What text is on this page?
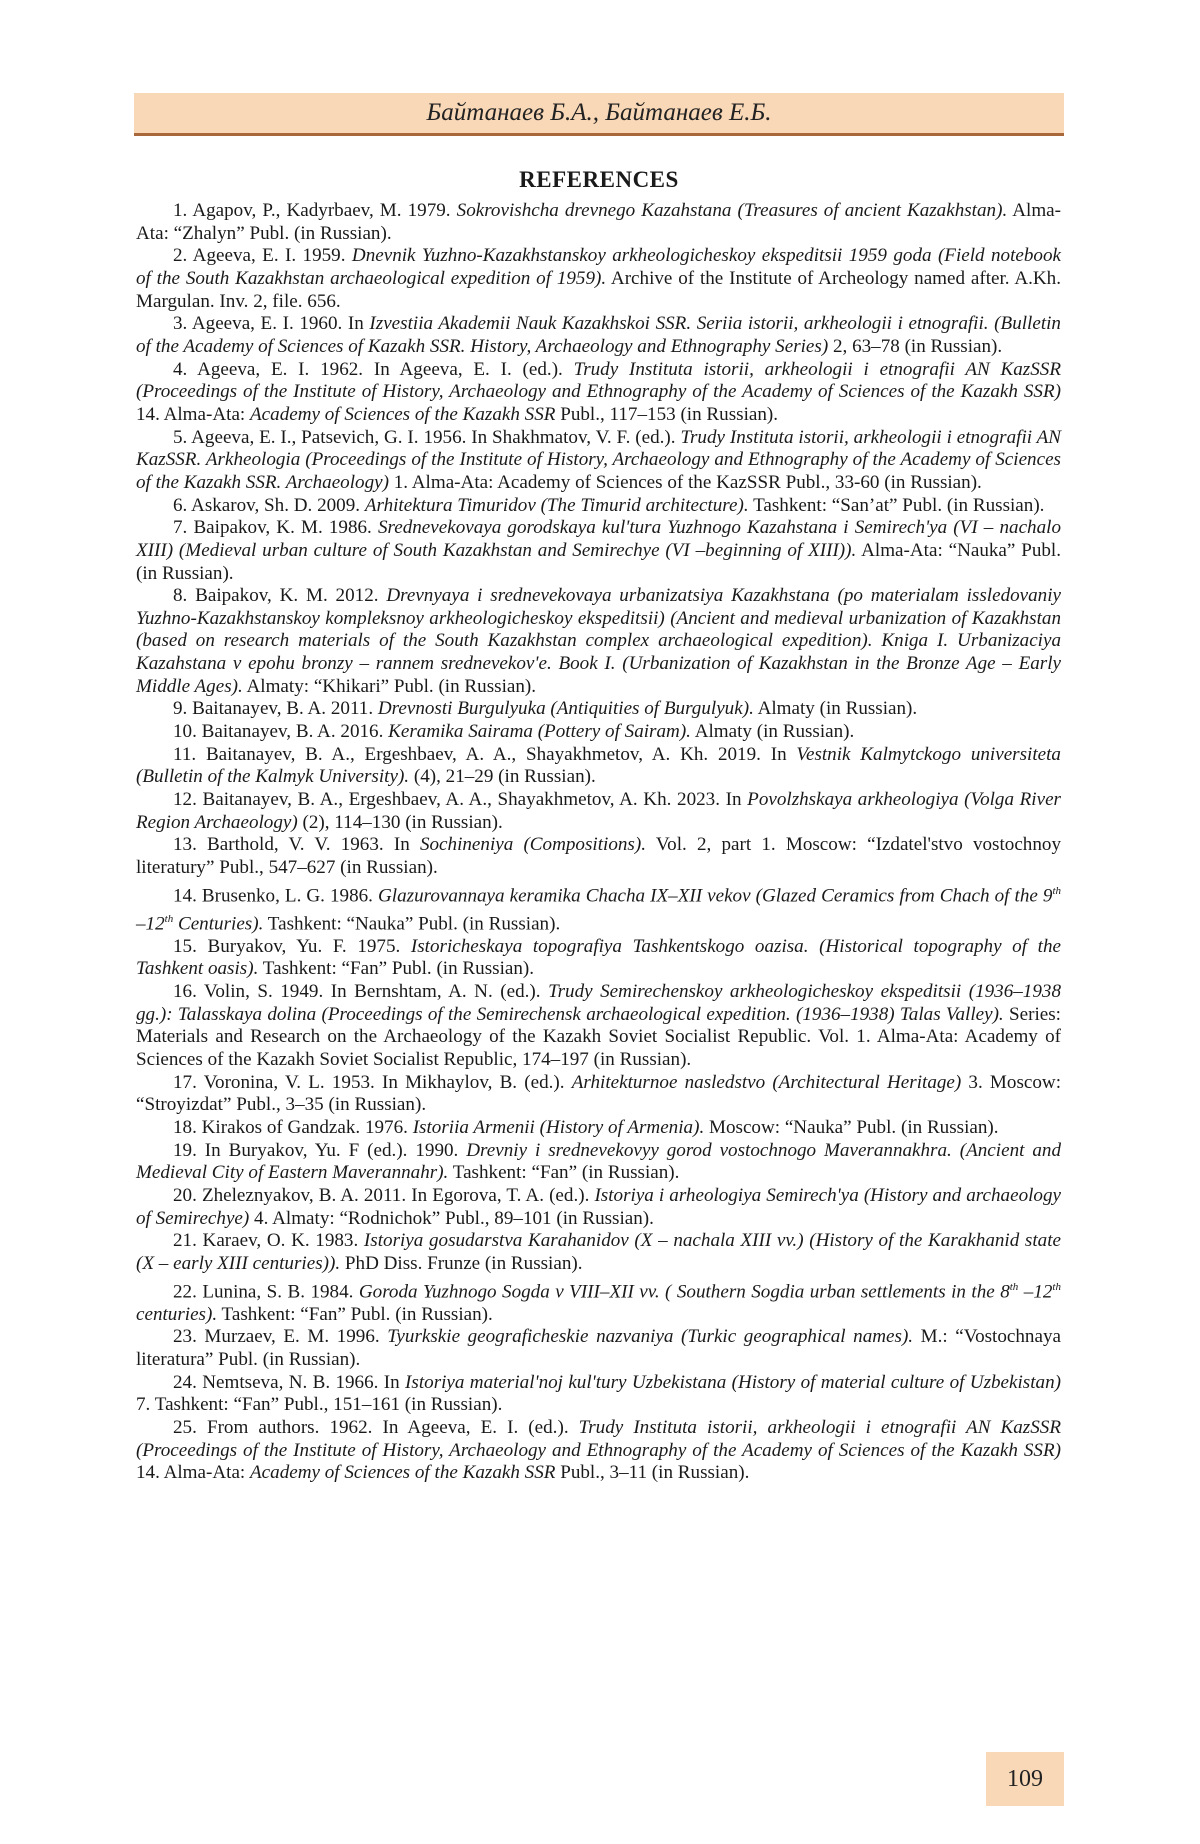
Байтанаев Б.А., Байтанаев Е.Б.
REFERENCES

1. Agapov, P., Kadyrbaev, M. 1979. Sokrovishcha drevnego Kazahstana (Treasures of ancient Kazakhstan). Alma-Ata: “Zhalyn” Publ. (in Russian).

2. Ageeva, E. I. 1959. Dnevnik Yuzhno-Kazakhstanskoy arkheologicheskoy ekspeditsii 1959 goda (Field notebook of the South Kazakhstan archaeological expedition of 1959). Archive of the Institute of Archeology named after. A.Kh. Margulan. Inv. 2, file. 656.

3. Ageeva, E. I. 1960. In Izvestiia Akademii Nauk Kazakhskoi SSR. Seriia istorii, arkheologii i etnografii. (Bulletin of the Academy of Sciences of Kazakh SSR. History, Archaeology and Ethnography Series) 2, 63–78 (in Russian).

4. Ageeva, E. I. 1962. In Ageeva, E. I. (ed.). Trudy Instituta istorii, arkheologii i etnografii AN KazSSR (Proceedings of the Institute of History, Archaeology and Ethnography of the Academy of Sciences of the Kazakh SSR) 14. Alma-Ata: Academy of Sciences of the Kazakh SSR Publ., 117–153 (in Russian).

5. Ageeva, E. I., Patsevich, G. I. 1956. In Shakhmatov, V. F. (ed.). Trudy Instituta istorii, arkheologii i etnografii AN KazSSR. Arkheologia (Proceedings of the Institute of History, Archaeology and Ethnography of the Academy of Sciences of the Kazakh SSR. Archaeology) 1. Alma-Ata: Academy of Sciences of the KazSSR Publ., 33-60 (in Russian).

6. Askarov, Sh. D. 2009. Arhitektura Timuridov (The Timurid architecture). Tashkent: “San’at” Publ. (in Russian).

7. Baipakov, K. M. 1986. Srednevekovaya gorodskaya kul'tura Yuzhnogo Kazahstana i Semirech'ya (VI – nachalo XIII) (Medieval urban culture of South Kazakhstan and Semirechye (VI –beginning of XIII)). Alma-Ata: “Nauka” Publ. (in Russian).

8. Baipakov, K. M. 2012. Drevnyaya i srednevekovaya urbanizatsiya Kazakhstana (po materialam issledovaniy Yuzhno-Kazakhstanskoy kompleksnoy arkheologicheskoy ekspeditsii) (Ancient and medieval urbanization of Kazakhstan (based on research materials of the South Kazakhstan complex archaeological expedition). Kniga I. Urbanizaciya Kazahstana v epohu bronzy – rannem srednevekov'e. Book I. (Urbanization of Kazakhstan in the Bronze Age – Early Middle Ages). Almaty: “Khikari” Publ. (in Russian).

9. Baitanayev, B. A. 2011. Drevnosti Burgulyuka (Antiquities of Burgulyuk). Almaty (in Russian).

10. Baitanayev, B. A. 2016. Keramika Sairama (Pottery of Sairam). Almaty (in Russian).

11. Baitanayev, B. A., Ergeshbaev, A. A., Shayakhmetov, A. Kh. 2019. In Vestnik Kalmytckogo universiteta (Bulletin of the Kalmyk University). (4), 21–29 (in Russian).

12. Baitanayev, B. A., Ergeshbaev, A. A., Shayakhmetov, A. Kh. 2023. In Povolzhskaya arkheologiya (Volga River Region Archaeology) (2), 114–130 (in Russian).

13. Barthold, V. V. 1963. In Sochineniya (Compositions). Vol. 2, part 1. Moscow: “Izdatel'stvo vostochnoy literatury” Publ., 547–627 (in Russian).

14. Brusenko, L. G. 1986. Glazurovannaya keramika Chacha IX–XII vekov (Glazed Ceramics from Chach of the 9th –12th Centuries). Tashkent: “Nauka” Publ. (in Russian).

15. Buryakov, Yu. F. 1975. Istoricheskaya topografiya Tashkentskogo oazisa. (Historical topography of the Tashkent oasis). Tashkent: “Fan” Publ. (in Russian).

16. Volin, S. 1949. In Bernshtam, A. N. (ed.). Trudy Semirechenskoy arkheologicheskoy ekspeditsii (1936–1938 gg.): Talasskaya dolina (Proceedings of the Semirechensk archaeological expedition. (1936–1938) Talas Valley). Series: Materials and Research on the Archaeology of the Kazakh Soviet Socialist Republic. Vol. 1. Alma-Ata: Academy of Sciences of the Kazakh Soviet Socialist Republic, 174–197 (in Russian).

17. Voronina, V. L. 1953. In Mikhaylov, B. (ed.). Arhitekturnoe nasledstvo (Architectural Heritage) 3. Moscow: “Stroyizdat” Publ., 3–35 (in Russian).

18. Kirakos of Gandzak. 1976. Istoriia Armenii (History of Armenia). Moscow: “Nauka” Publ. (in Russian).

19. In Buryakov, Yu. F (ed.). 1990. Drevniy i srednevekovyy gorod vostochnogo Maverannakhra. (Ancient and Medieval City of Eastern Maverannahr). Tashkent: “Fan” (in Russian).

20. Zheleznyakov, B. A. 2011. In Egorova, T. A. (ed.). Istoriya i arheologiya Semirech'ya (History and archaeology of Semirechye) 4. Almaty: “Rodnichok” Publ., 89–101 (in Russian).

21. Karaev, O. K. 1983. Istoriya gosudarstva Karahanidov (X – nachala XIII vv.) (History of the Karakhanid state (X – early XIII centuries)). PhD Diss. Frunze (in Russian).

22. Lunina, S. B. 1984. Goroda Yuzhnogo Sogda v VIII–XII vv. ( Southern Sogdia urban settlements in the 8th –12th centuries). Tashkent: “Fan” Publ. (in Russian).

23. Murzaev, E. M. 1996. Tyurkskie geograficheskie nazvaniya (Turkic geographical names). M.: “Vostochnaya literatura” Publ. (in Russian).

24. Nemtseva, N. B. 1966. In Istoriya material'noj kul'tury Uzbekistana (History of material culture of Uzbekistan) 7. Tashkent: “Fan” Publ., 151–161 (in Russian).

25. From authors. 1962. In Ageeva, E. I. (ed.). Trudy Instituta istorii, arkheologii i etnografii AN KazSSR (Proceedings of the Institute of History, Archaeology and Ethnography of the Academy of Sciences of the Kazakh SSR) 14. Alma-Ata: Academy of Sciences of the Kazakh SSR Publ., 3–11 (in Russian).

109
